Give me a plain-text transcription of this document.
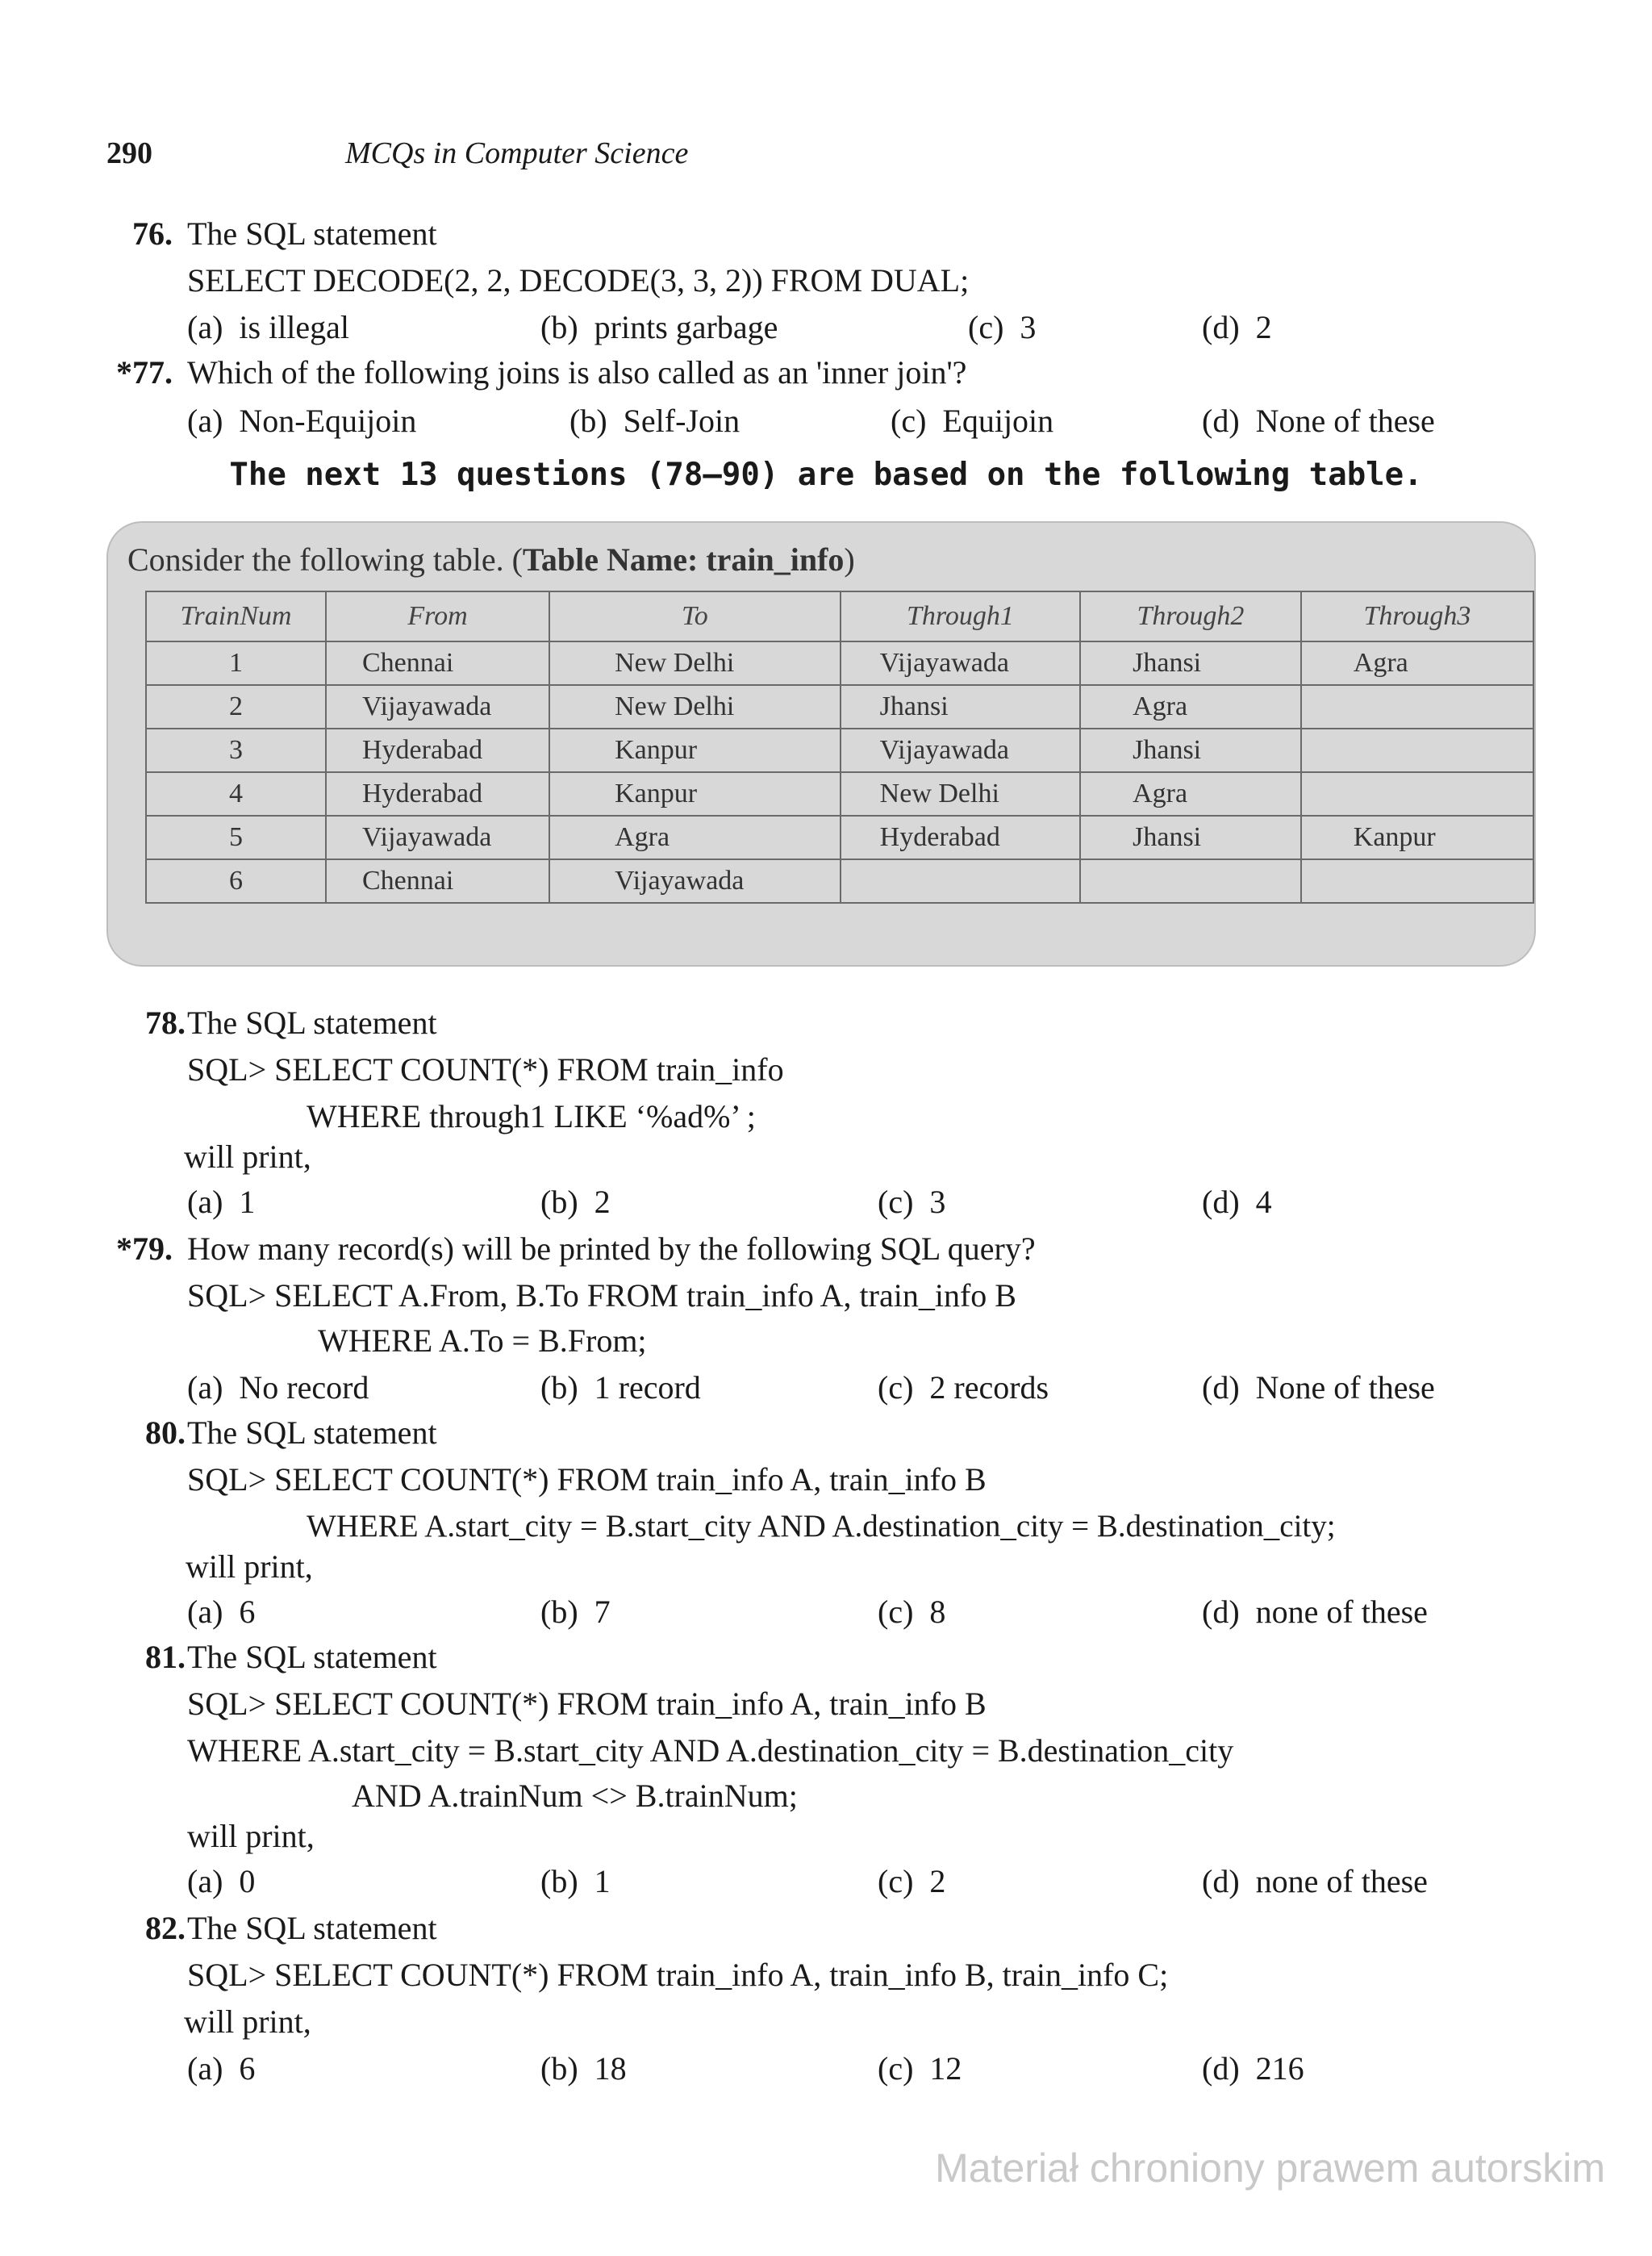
290	MCQs in Computer Science
76. The SQL statement
SELECT DECODE(2, 2, DECODE(3, 3, 2)) FROM DUAL;
(a)  is illegal	(b)  prints garbage	(c)  3	(d)  2
*77. Which of the following joins is also called as an 'inner join'?
(a)  Non-Equijoin	(b)  Self-Join	(c)  Equijoin	(d)  None of these
The next 13 questions (78–90) are based on the following table.
Consider the following table. (Table Name: train_info)
TrainNum	From	To	Through1	Through2	Through3
1	Chennai	New Delhi	Vijayawada	Jhansi	Agra
2	Vijayawada	New Delhi	Jhansi	Agra	
3	Hyderabad	Kanpur	Vijayawada	Jhansi	
4	Hyderabad	Kanpur	New Delhi	Agra	
5	Vijayawada	Agra	Hyderabad	Jhansi	Kanpur
6	Chennai	Vijayawada			
78. The SQL statement
SQL> SELECT COUNT(*) FROM train_info
WHERE through1 LIKE ‘%ad%’ ;
will print,
(a)  1	(b)  2	(c)  3	(d)  4
*79. How many record(s) will be printed by the following SQL query?
SQL> SELECT A.From, B.To FROM train_info A, train_info B
WHERE A.To = B.From;
(a)  No record	(b)  1 record	(c)  2 records	(d)  None of these
80. The SQL statement
SQL> SELECT COUNT(*) FROM train_info A, train_info B
WHERE A.start_city = B.start_city AND A.destination_city = B.destination_city;
will print,
(a)  6	(b)  7	(c)  8	(d)  none of these
81. The SQL statement
SQL> SELECT COUNT(*) FROM train_info A, train_info B
WHERE A.start_city = B.start_city AND A.destination_city = B.destination_city
AND A.trainNum <> B.trainNum;
will print,
(a)  0	(b)  1	(c)  2	(d)  none of these
82. The SQL statement
SQL> SELECT COUNT(*) FROM train_info A, train_info B, train_info C;
will print,
(a)  6	(b)  18	(c)  12	(d)  216
Materiał chroniony prawem autorskim
